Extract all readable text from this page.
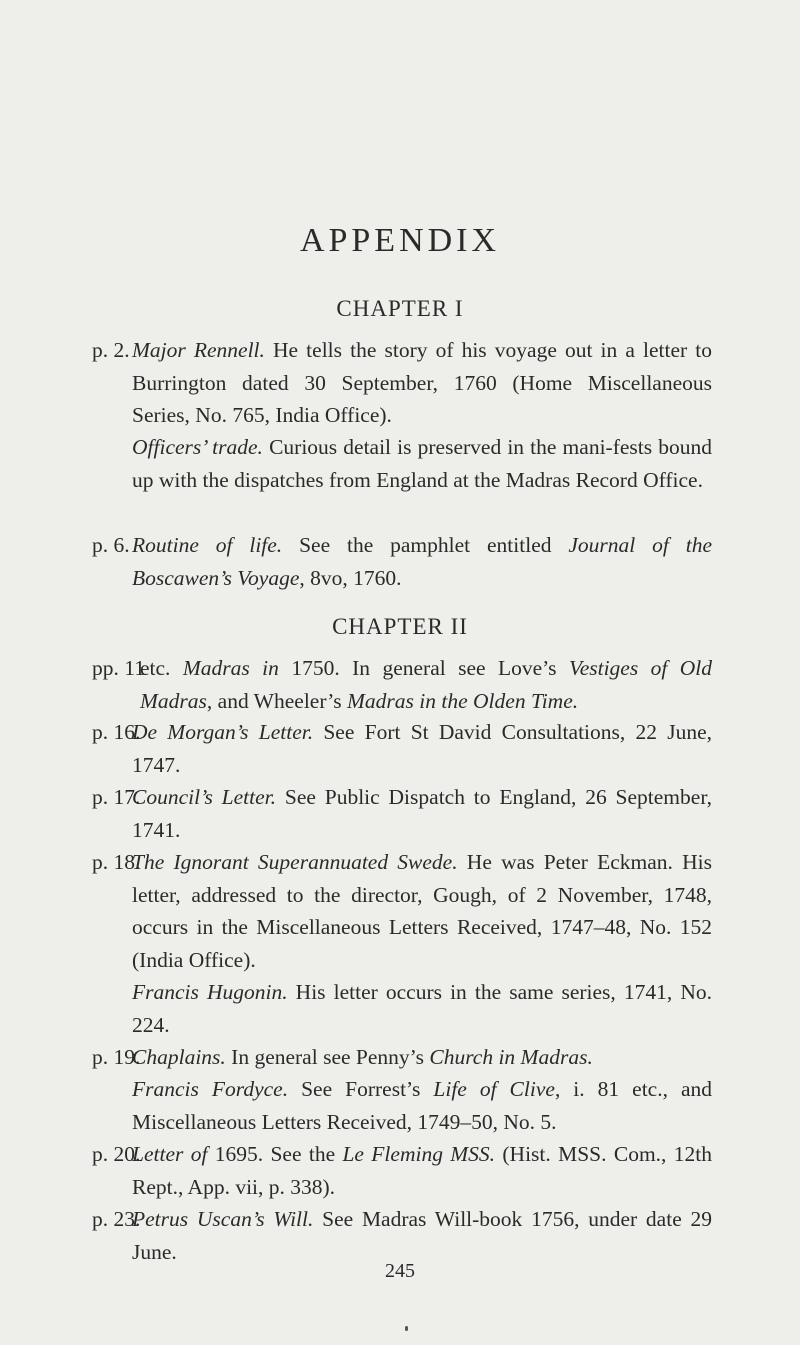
APPENDIX
CHAPTER I
p. 2. Major Rennell. He tells the story of his voyage out in a letter to Burrington dated 30 September, 1760 (Home Miscellaneous Series, No. 765, India Office).
Officers’ trade. Curious detail is preserved in the mani-fests bound up with the dispatches from England at the Madras Record Office.
p. 6. Routine of life. See the pamphlet entitled Journal of the Boscawen’s Voyage, 8vo, 1760.
CHAPTER II
pp. 11
etc. Madras in 1750. In general see Love’s Vestiges of Old Madras, and Wheeler’s Madras in the Olden Time.
p. 16.
De Morgan’s Letter. See Fort St David Consultations, 22 June, 1747.
p. 17.
Council’s Letter. See Public Dispatch to England, 26 September, 1741.
p. 18.
The Ignorant Superannuated Swede. He was Peter Eckman. His letter, addressed to the director, Gough, of 2 November, 1748, occurs in the Miscellaneous Letters Received, 1747–48, No. 152 (India Office).
Francis Hugonin. His letter occurs in the same series, 1741, No. 224.
p. 19.
Chaplains. In general see Penny’s Church in Madras.
Francis Fordyce. See Forrest’s Life of Clive, i. 81 etc., and Miscellaneous Letters Received, 1749–50, No. 5.
p. 20.
Letter of 1695. See the Le Fleming MSS. (Hist. MSS. Com., 12th Rept., App. vii, p. 338).
p. 23.
Petrus Uscan’s Will. See Madras Will-book 1756, under date 29 June.
245
